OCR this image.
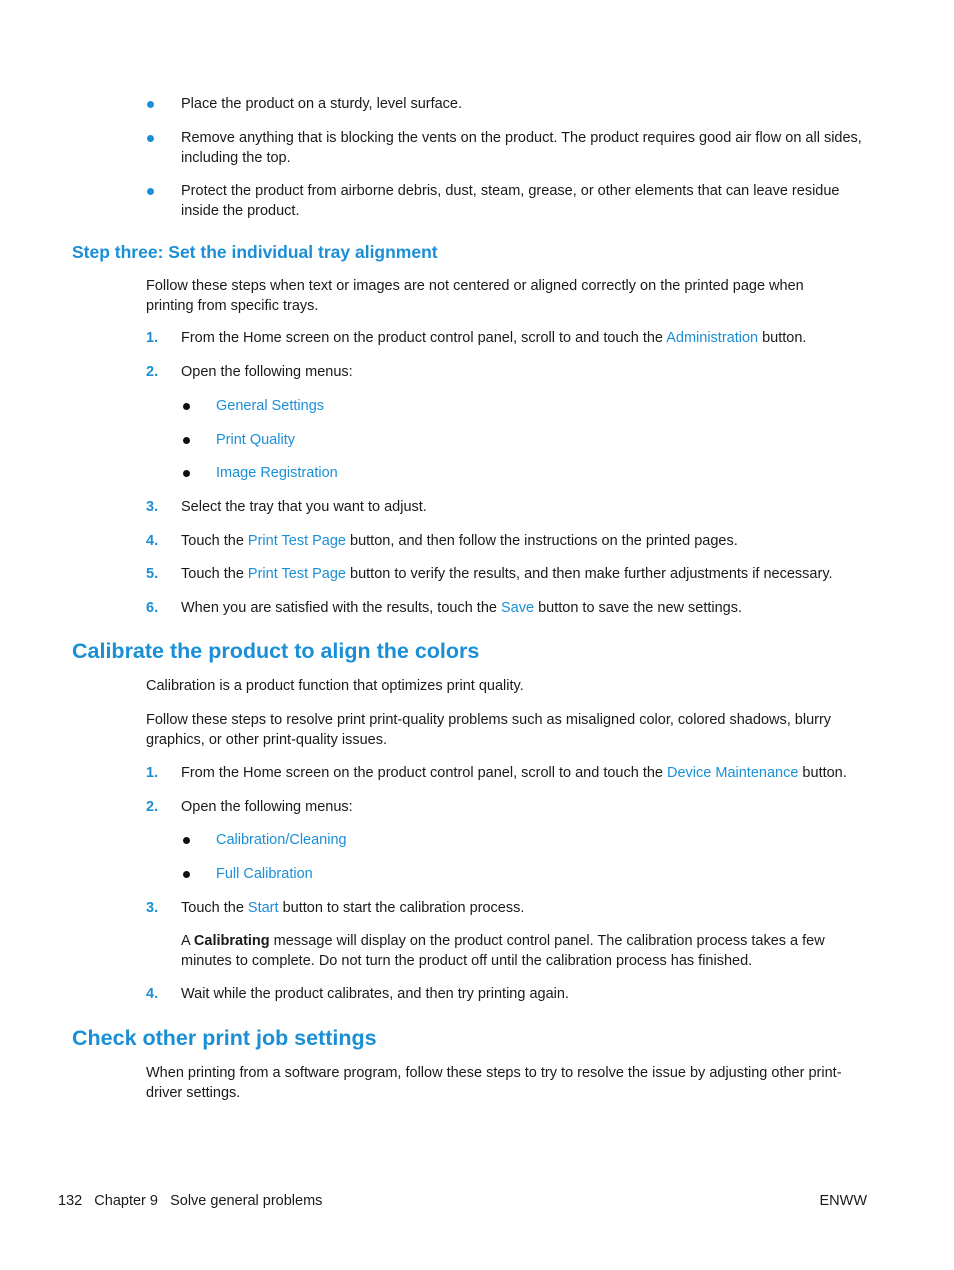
Place the product on a sturdy, level surface.
Remove anything that is blocking the vents on the product. The product requires good air flow on all sides, including the top.
Protect the product from airborne debris, dust, steam, grease, or other elements that can leave residue inside the product.
Step three: Set the individual tray alignment
Follow these steps when text or images are not centered or aligned correctly on the printed page when printing from specific trays.
1. From the Home screen on the product control panel, scroll to and touch the Administration button.
2. Open the following menus:
General Settings
Print Quality
Image Registration
3. Select the tray that you want to adjust.
4. Touch the Print Test Page button, and then follow the instructions on the printed pages.
5. Touch the Print Test Page button to verify the results, and then make further adjustments if necessary.
6. When you are satisfied with the results, touch the Save button to save the new settings.
Calibrate the product to align the colors
Calibration is a product function that optimizes print quality.
Follow these steps to resolve print print-quality problems such as misaligned color, colored shadows, blurry graphics, or other print-quality issues.
1. From the Home screen on the product control panel, scroll to and touch the Device Maintenance button.
2. Open the following menus:
Calibration/Cleaning
Full Calibration
3. Touch the Start button to start the calibration process.
A Calibrating message will display on the product control panel. The calibration process takes a few minutes to complete. Do not turn the product off until the calibration process has finished.
4. Wait while the product calibrates, and then try printing again.
Check other print job settings
When printing from a software program, follow these steps to try to resolve the issue by adjusting other print-driver settings.
132 Chapter 9 Solve general problems	ENWW
